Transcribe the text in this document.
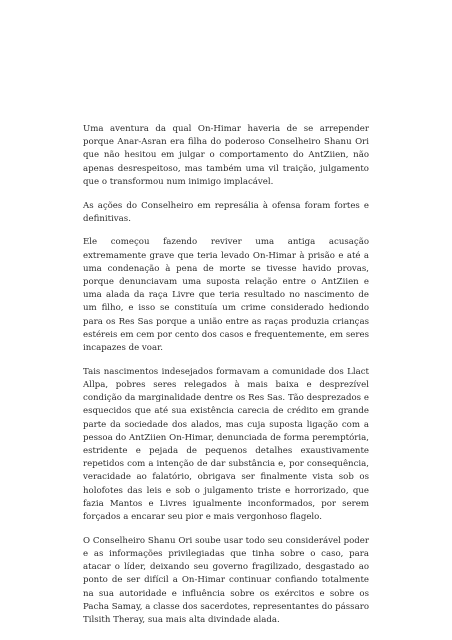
Uma aventura da qual On-Himar haveria de se arrepender porque Anar-Asran era filha do poderoso Conselheiro Shanu Ori que não hesitou em julgar o comportamento do AntZiien, não apenas desrespeitoso, mas também uma vil traição, julgamento que o transformou num inimigo implacável.

As ações do Conselheiro em represália à ofensa foram fortes e definitivas.

Ele começou fazendo reviver uma antiga acusação extremamente grave que teria levado On-Himar à prisão e até a uma condenação à pena de morte se tivesse havido provas, porque denunciavam uma suposta relação entre o AntZiien e uma alada da raça Livre que teria resultado no nascimento de um filho, e isso se constituía um crime considerado hediondo para os Res Sas porque a união entre as raças produzia crianças estéreis em cem por cento dos casos e frequentemente, em seres incapazes de voar.

Tais nascimentos indesejados formavam a comunidade dos Llact Allpa, pobres seres relegados à mais baixa e desprezível condição da marginalidade dentre os Res Sas. Tão desprezados e esquecidos que até sua existência carecia de crédito em grande parte da sociedade dos alados, mas cuja suposta ligação com a pessoa do AntZiien On-Himar, denunciada de forma peremptória, estridente e pejada de pequenos detalhes exaustivamente repetidos com a intenção de dar substância e, por consequência, veracidade ao falatório, obrigava ser finalmente vista sob os holofotes das leis e sob o julgamento triste e horrorizado, que fazia Mantos e Livres igualmente inconformados, por serem forçados a encarar seu pior e mais vergonhoso flagelo.

O Conselheiro Shanu Ori soube usar todo seu considerável poder e as informações privilegiadas que tinha sobre o caso, para atacar o líder, deixando seu governo fragilizado, desgastado ao ponto de ser difícil a On-Himar continuar confiando totalmente na sua autoridade e influência sobre os exércitos e sobre os Pacha Samay, a classe dos sacerdotes, representantes do pássaro Tilsith Theray, sua mais alta divindade alada.
